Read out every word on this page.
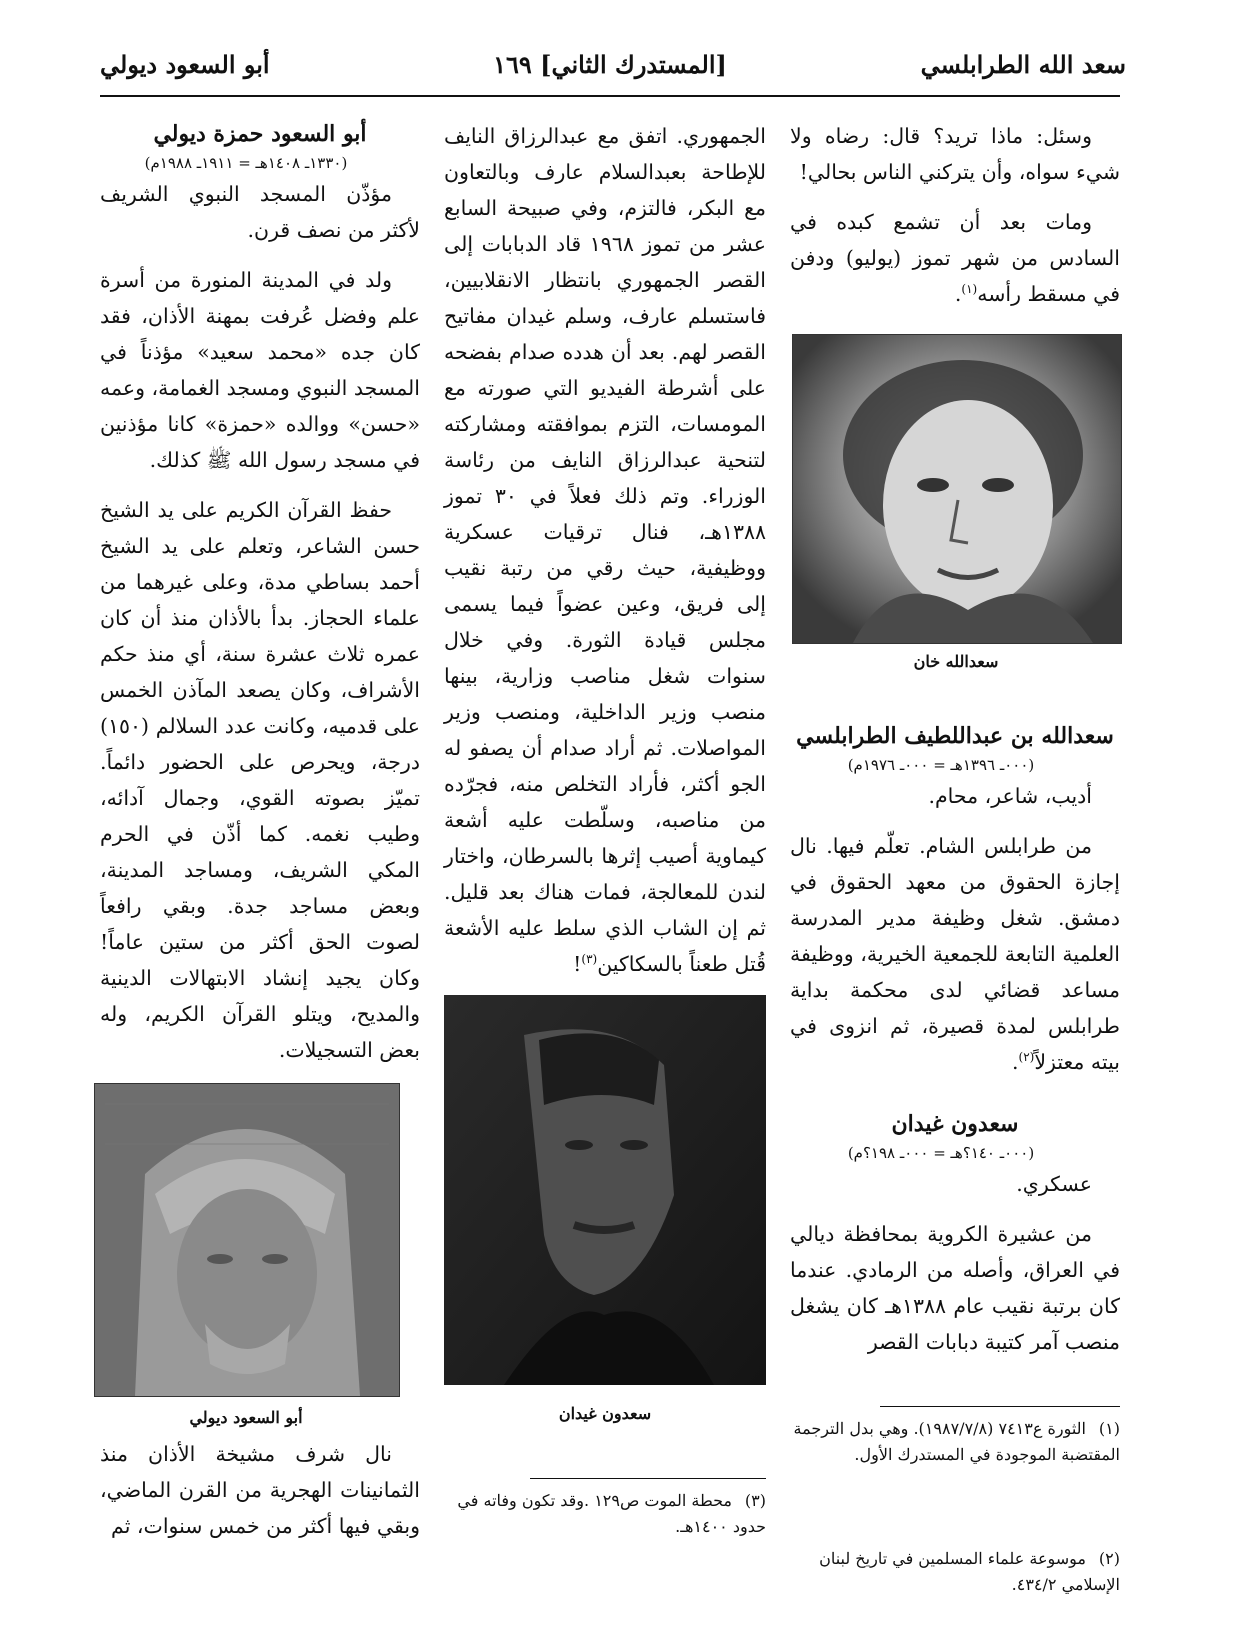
سعد الله الطرابلسي
[المستدرك الثاني] ١٦٩
أبو السعود ديولي

وسئل: ماذا تريد؟ قال: رضاه ولا شيء سواه، وأن يتركني الناس بحالي!

ومات بعد أن تشمع كبده في السادس من شهر تموز (يوليو) ودفن في مسقط رأسه$^{(١)}$.

سعدالله خان

سعدالله بن عبداللطيف الطرابلسي

(٠٠٠ـ ١٣٩٦هـ = ٠٠٠ـ ١٩٧٦م)

أديب، شاعر، محام.

من طرابلس الشام. تعلّم فيها. نال إجازة الحقوق من معهد الحقوق في دمشق. شغل وظيفة مدير المدرسة العلمية التابعة للجمعية الخيرية، ووظيفة مساعد قضائي لدى محكمة بداية طرابلس لمدة قصيرة، ثم انزوى في بيته معتزلاً$^{(٢)}$.

سعدون غيدان

(٠٠٠ـ ١٤٠؟هـ = ٠٠٠ـ ١٩٨؟م)

عسكري.

من عشيرة الكروية بمحافظة ديالي في العراق، وأصله من الرمادي. عندما كان برتبة نقيب عام ١٣٨٨هـ كان يشغل منصب آمر كتيبة دبابات القصر

الجمهوري. اتفق مع عبدالرزاق النايف للإطاحة بعبدالسلام عارف وبالتعاون مع البكر، فالتزم، وفي صبيحة السابع عشر من تموز ١٩٦٨ قاد الدبابات إلى القصر الجمهوري بانتظار الانقلابيين، فاستسلم عارف، وسلم غيدان مفاتيح القصر لهم. بعد أن هدده صدام بفضحه على أشرطة الفيديو التي صورته مع المومسات، التزم بموافقته ومشاركته لتنحية عبدالرزاق النايف من رئاسة الوزراء. وتم ذلك فعلاً في ٣٠ تموز ١٣٨٨هـ، فنال ترقيات عسكرية ووظيفية، حيث رقي من رتبة نقيب إلى فريق، وعين عضواً فيما يسمى مجلس قيادة الثورة. وفي خلال سنوات شغل مناصب وزارية، بينها منصب وزير الداخلية، ومنصب وزير المواصلات. ثم أراد صدام أن يصفو له الجو أكثر، فأراد التخلص منه، فجرّده من مناصبه، وسلّطت عليه أشعة كيماوية أصيب إثرها بالسرطان، واختار لندن للمعالجة، فمات هناك بعد قليل. ثم إن الشاب الذي سلط عليه الأشعة قُتل طعناً بالسكاكين$^{(٣)}$!

سعدون غيدان

أبو السعود حمزة ديولي

(١٣٣٠ـ ١٤٠٨هـ = ١٩١١ـ ١٩٨٨م)

مؤذّن المسجد النبوي الشريف لأكثر من نصف قرن.

ولد في المدينة المنورة من أسرة علم وفضل عُرفت بمهنة الأذان، فقد كان جده «محمد سعيد» مؤذناً في المسجد النبوي ومسجد الغمامة، وعمه «حسن» ووالده «حمزة» كانا مؤذنين في مسجد رسول الله ﷺ كذلك.

حفظ القرآن الكريم على يد الشيخ حسن الشاعر، وتعلم على يد الشيخ أحمد بساطي مدة، وعلى غيرهما من علماء الحجاز. بدأ بالأذان منذ أن كان عمره ثلاث عشرة سنة، أي منذ حكم الأشراف، وكان يصعد المآذن الخمس على قدميه، وكانت عدد السلالم (١٥٠) درجة، ويحرص على الحضور دائماً. تميّز بصوته القوي، وجمال آدائه، وطيب نغمه. كما أذّن في الحرم المكي الشريف، ومساجد المدينة، وبعض مساجد جدة. وبقي رافعاً لصوت الحق أكثر من ستين عاماً! وكان يجيد إنشاد الابتهالات الدينية والمديح، ويتلو القرآن الكريم، وله بعض التسجيلات.

أبو السعود ديولي

نال شرف مشيخة الأذان منذ الثمانينات الهجرية من القرن الماضي، وبقي فيها أكثر من خمس سنوات، ثم

(١)الثورة ع٧٤١٣ (١٩٨٧/٧/٨). وهي بدل الترجمة المقتضبة الموجودة في المستدرك الأول.
(٢)موسوعة علماء المسلمين في تاريخ لبنان الإسلامي ٤٣٤/٢.
(٣)محطة الموت ص١٢٩ .وقد تكون وفاته في حدود ١٤٠٠هـ.
